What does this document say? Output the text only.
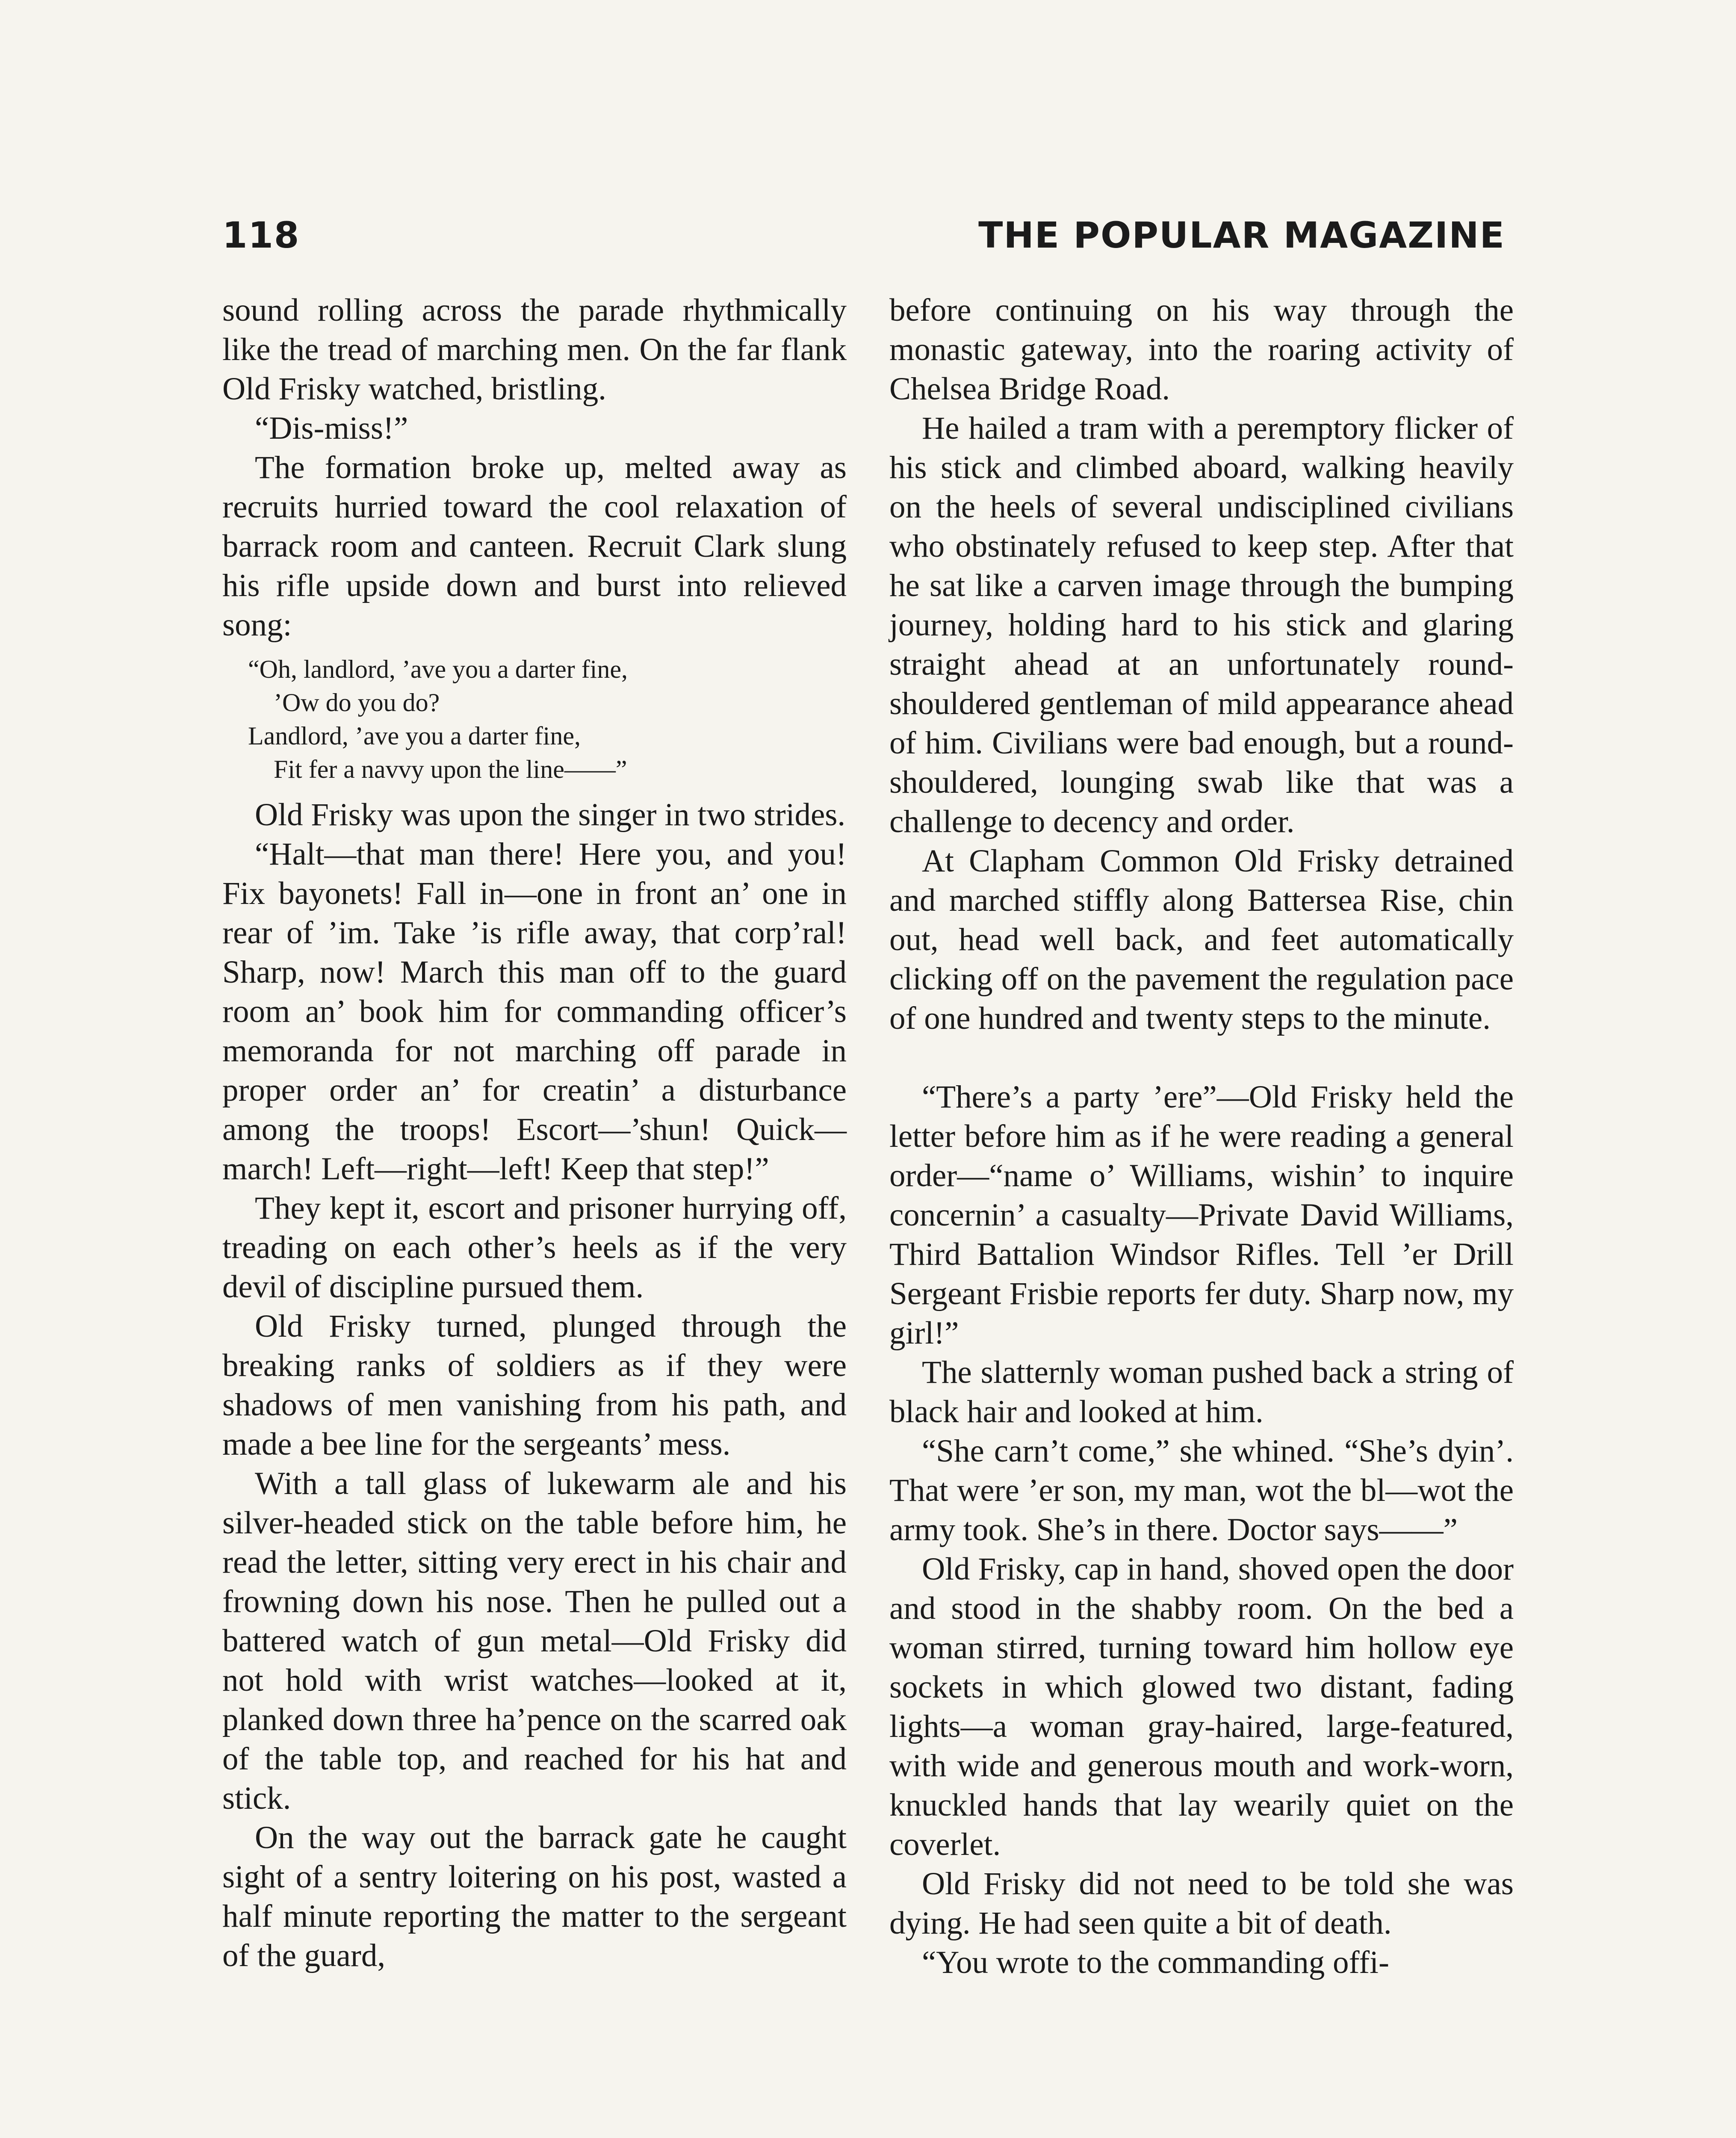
118	THE POPULAR MAGAZINE

sound rolling across the parade rhythmically like the tread of marching men. On the far flank Old Frisky watched, bristling.

“Dis-miss!”

The formation broke up, melted away as recruits hurried toward the cool relaxation of barrack room and canteen. Recruit Clark slung his rifle upside down and burst into relieved song:

“Oh, landlord, ’ave you a darter fine,
’Ow do you do?
Landlord, ’ave you a darter fine,
Fit fer a navvy upon the line——”

Old Frisky was upon the singer in two strides.

“Halt—that man there! Here you, and you! Fix bayonets! Fall in—one in front an’ one in rear of ’im. Take ’is rifle away, that corp’ral! Sharp, now! March this man off to the guard room an’ book him for commanding officer’s memoranda for not marching off parade in proper order an’ for creatin’ a disturbance among the troops! Escort—’shun! Quick—march! Left—right—left! Keep that step!”

They kept it, escort and prisoner hurrying off, treading on each other’s heels as if the very devil of discipline pursued them.

Old Frisky turned, plunged through the breaking ranks of soldiers as if they were shadows of men vanishing from his path, and made a bee line for the sergeants’ mess.

With a tall glass of lukewarm ale and his silver-headed stick on the table before him, he read the letter, sitting very erect in his chair and frowning down his nose. Then he pulled out a battered watch of gun metal—Old Frisky did not hold with wrist watches—looked at it, planked down three ha’pence on the scarred oak of the table top, and reached for his hat and stick.

On the way out the barrack gate he caught sight of a sentry loitering on his post, wasted a half minute reporting the matter to the sergeant of the guard,

before continuing on his way through the monastic gateway, into the roaring activity of Chelsea Bridge Road.

He hailed a tram with a peremptory flicker of his stick and climbed aboard, walking heavily on the heels of several undisciplined civilians who obstinately refused to keep step. After that he sat like a carven image through the bumping journey, holding hard to his stick and glaring straight ahead at an unfortunately round-shouldered gentleman of mild appearance ahead of him. Civilians were bad enough, but a round-shouldered, lounging swab like that was a challenge to decency and order.

At Clapham Common Old Frisky detrained and marched stiffly along Battersea Rise, chin out, head well back, and feet automatically clicking off on the pavement the regulation pace of one hundred and twenty steps to the minute.

“There’s a party ’ere”—Old Frisky held the letter before him as if he were reading a general order—“name o’ Williams, wishin’ to inquire concernin’ a casualty—Private David Williams, Third Battalion Windsor Rifles. Tell ’er Drill Sergeant Frisbie reports fer duty. Sharp now, my girl!”

The slatternly woman pushed back a string of black hair and looked at him.

“She carn’t come,” she whined. “She’s dyin’. That were ’er son, my man, wot the bl—wot the army took. She’s in there. Doctor says——”

Old Frisky, cap in hand, shoved open the door and stood in the shabby room. On the bed a woman stirred, turning toward him hollow eye sockets in which glowed two distant, fading lights—a woman gray-haired, large-featured, with wide and generous mouth and work-worn, knuckled hands that lay wearily quiet on the coverlet.

Old Frisky did not need to be told she was dying. He had seen quite a bit of death.

“You wrote to the commanding offi-
